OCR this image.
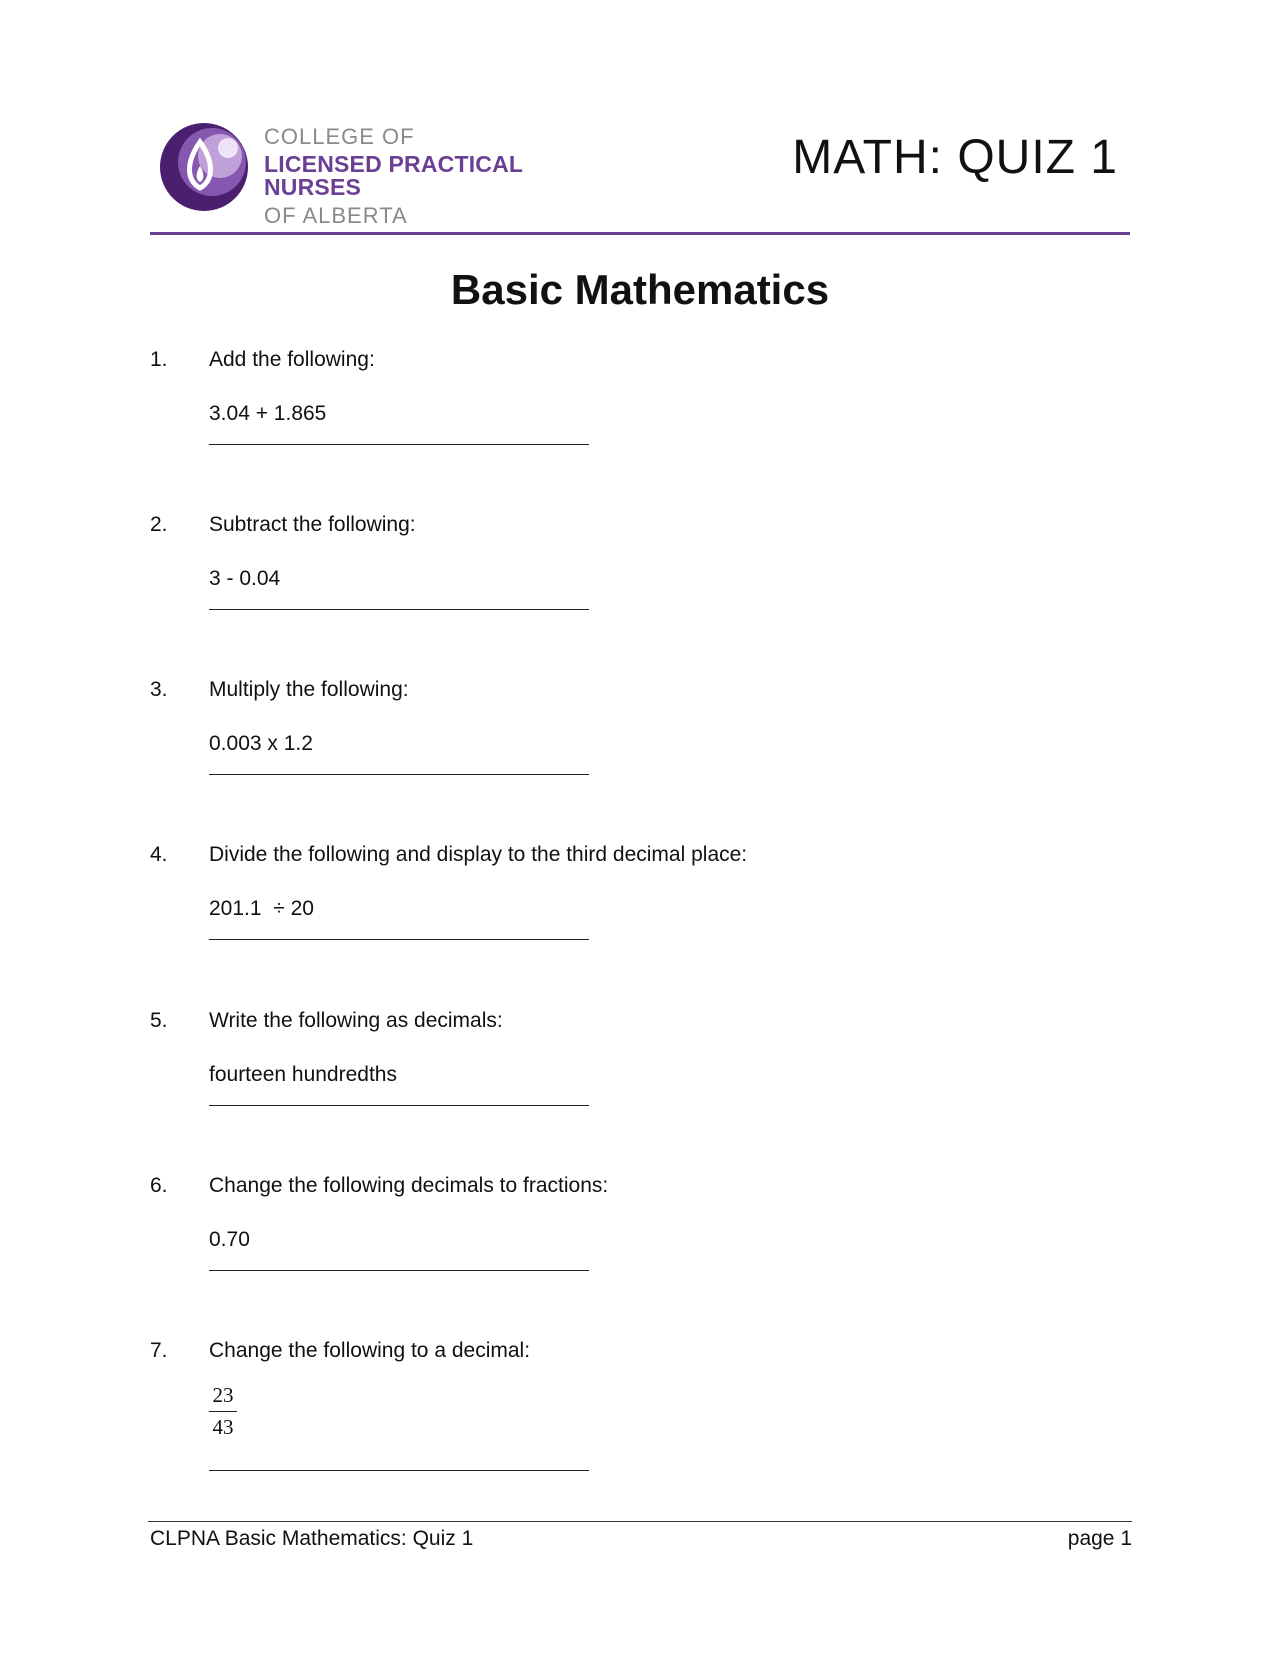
COLLEGE OF
LICENSED PRACTICAL NURSES
OF ALBERTA
MATH: QUIZ 1
Basic Mathematics
1. Add the following:
3.04 + 1.865
2. Subtract the following:
3 - 0.04
3. Multiply the following:
0.003 x 1.2
4. Divide the following and display to the third decimal place:
201.1  ÷ 20
5. Write the following as decimals:
fourteen hundredths
6. Change the following decimals to fractions:
0.70
7. Change the following to a decimal:
$\frac{23}{43}$
CLPNA Basic Mathematics: Quiz 1	page 1
